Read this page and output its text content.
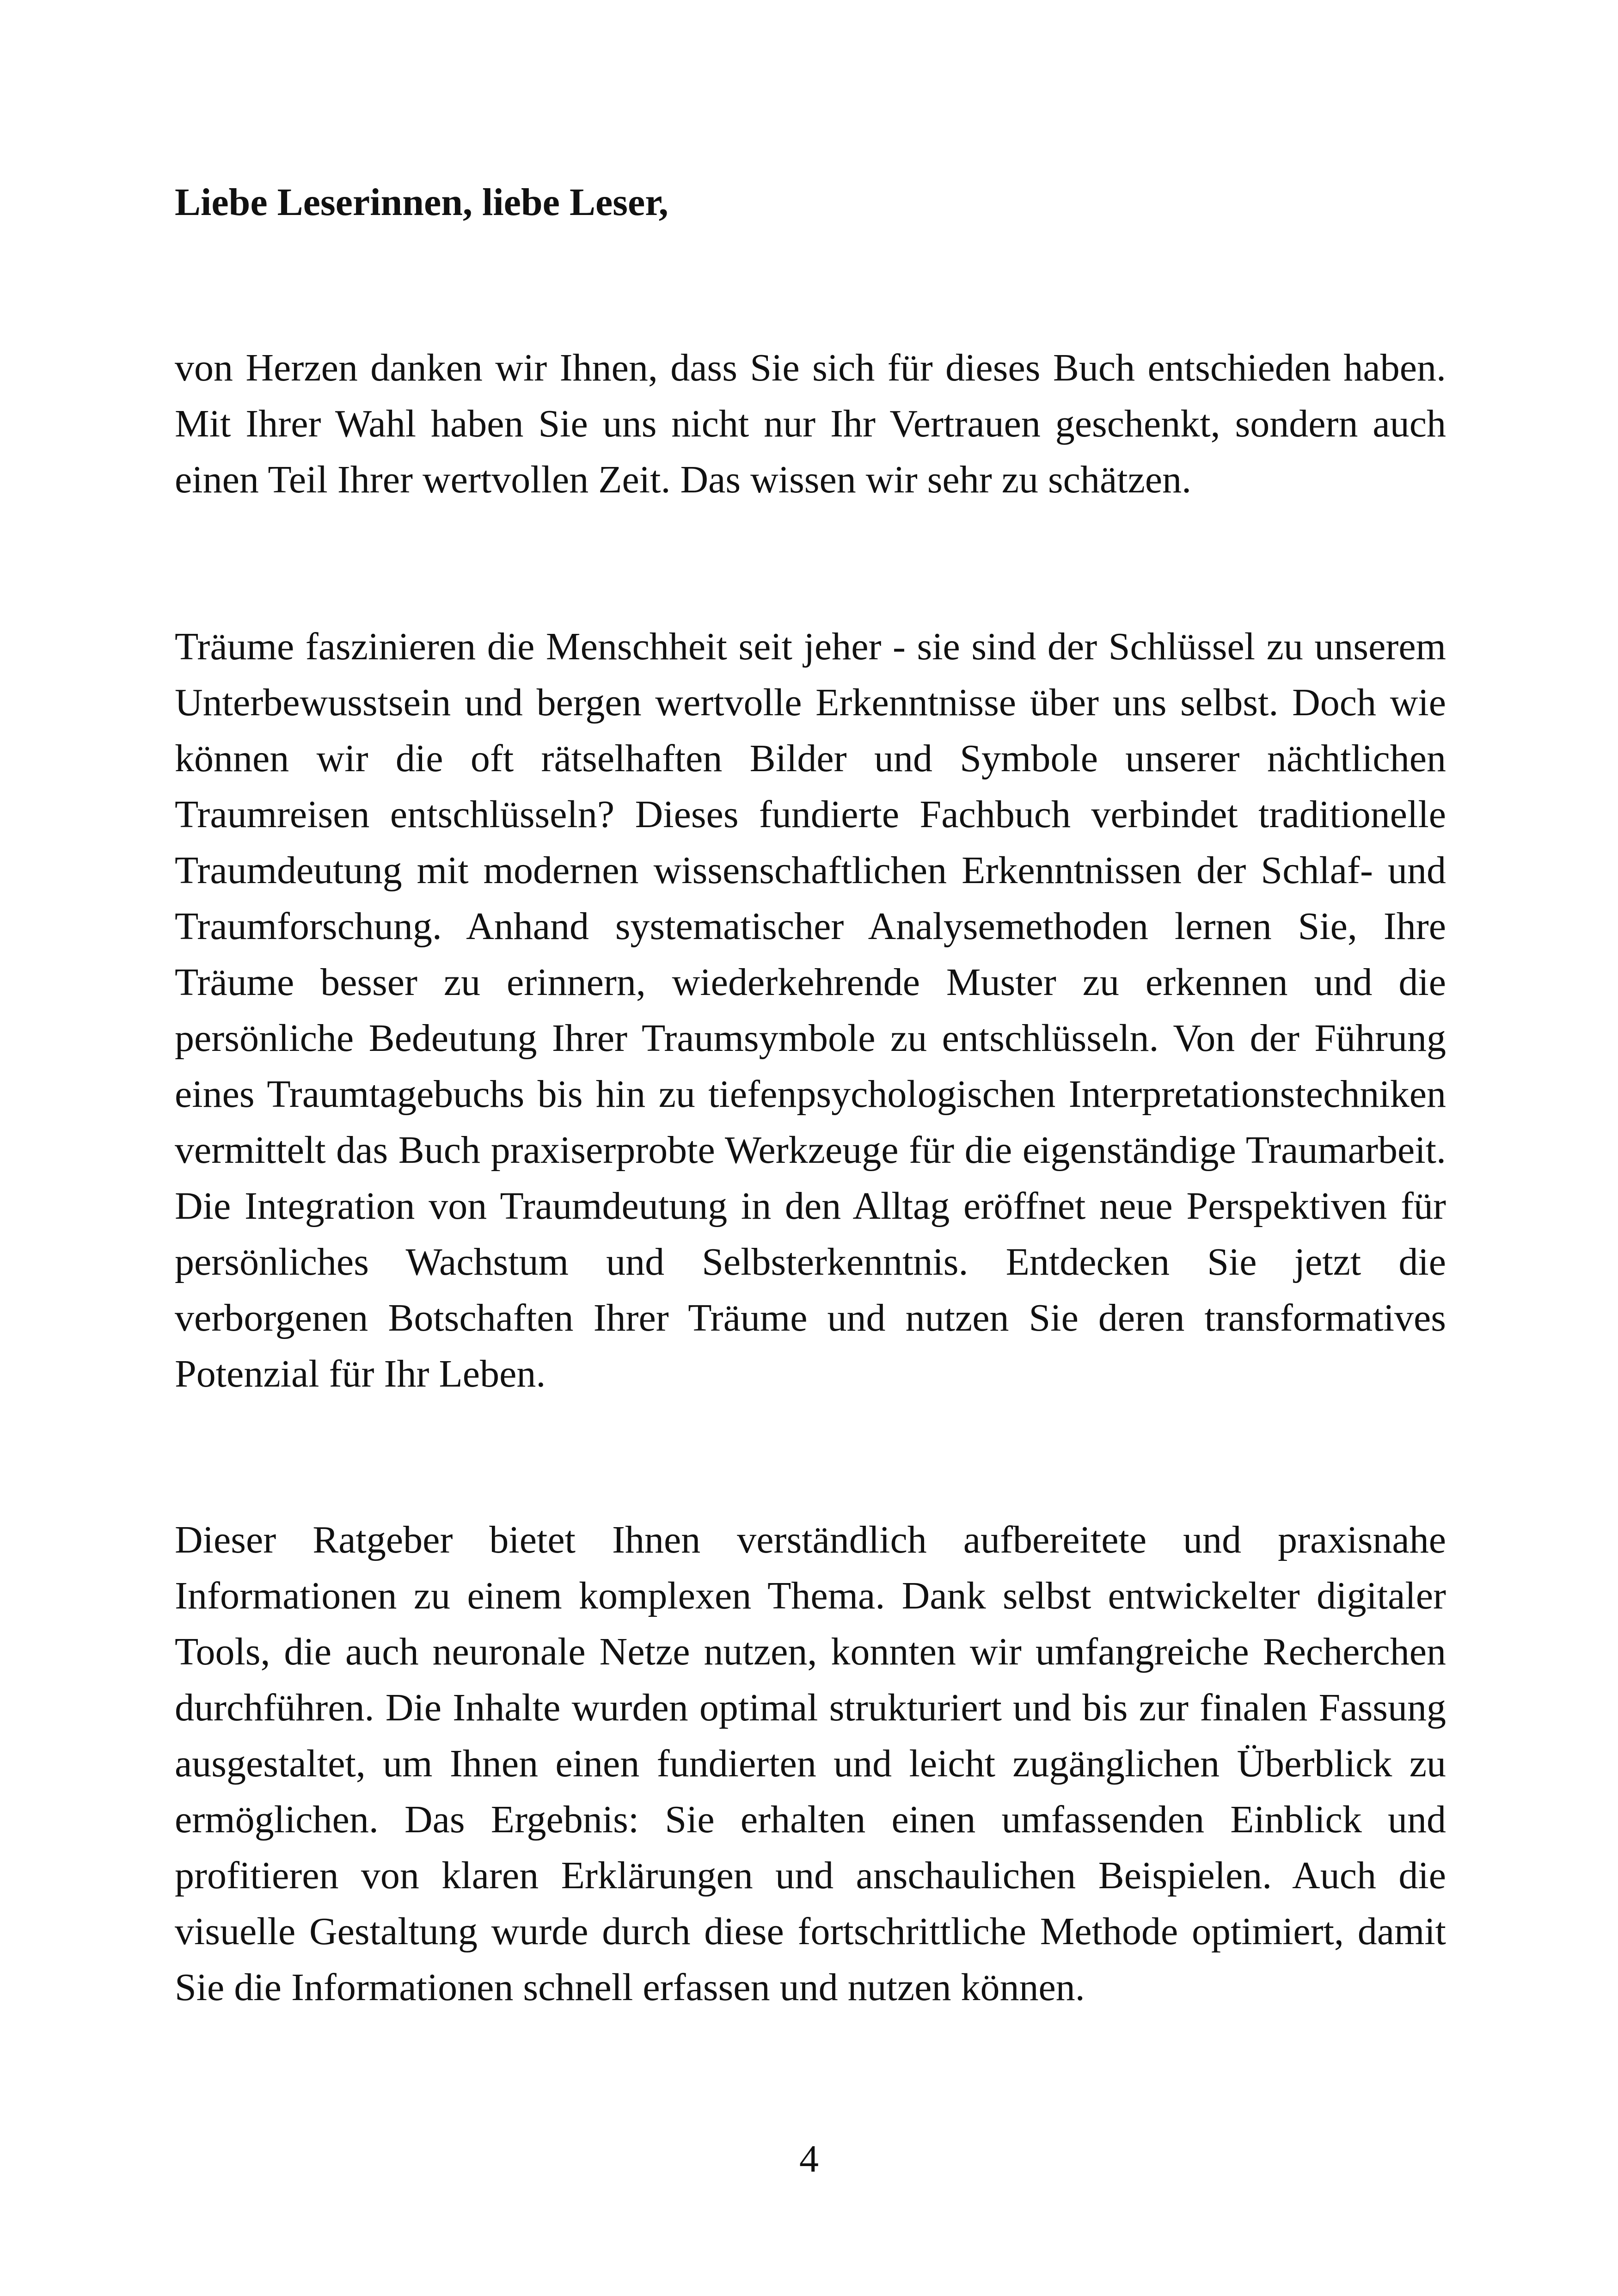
Liebe Leserinnen, liebe Leser,

von Herzen danken wir Ihnen, dass Sie sich für dieses Buch entschieden haben. Mit Ihrer Wahl haben Sie uns nicht nur Ihr Vertrauen geschenkt, sondern auch einen Teil Ihrer wertvollen Zeit. Das wissen wir sehr zu schätzen.

Träume faszinieren die Menschheit seit jeher - sie sind der Schlüssel zu unserem Unterbewusstsein und bergen wertvolle Erkenntnisse über uns selbst. Doch wie können wir die oft rätselhaften Bilder und Symbole unserer nächtlichen Traumreisen entschlüsseln? Dieses fundierte Fachbuch verbindet traditionelle Traumdeutung mit modernen wissenschaftlichen Erkenntnissen der Schlaf- und Traumforschung. Anhand systematischer Analysemethoden lernen Sie, Ihre Träume besser zu erinnern, wiederkehrende Muster zu erkennen und die persönliche Bedeutung Ihrer Traumsymbole zu entschlüsseln. Von der Führung eines Traumtagebuchs bis hin zu tiefenpsychologischen Interpretationstechniken vermittelt das Buch praxiserprobte Werkzeuge für die eigenständige Traumarbeit. Die Integration von Traumdeutung in den Alltag eröffnet neue Perspektiven für persönliches Wachstum und Selbsterkenntnis. Entdecken Sie jetzt die verborgenen Botschaften Ihrer Träume und nutzen Sie deren transformatives Potenzial für Ihr Leben.

Dieser Ratgeber bietet Ihnen verständlich aufbereitete und praxisnahe Informationen zu einem komplexen Thema. Dank selbst entwickelter digitaler Tools, die auch neuronale Netze nutzen, konnten wir umfangreiche Recherchen durchführen. Die Inhalte wurden optimal strukturiert und bis zur finalen Fassung ausgestaltet, um Ihnen einen fundierten und leicht zugänglichen Überblick zu ermöglichen. Das Ergebnis: Sie erhalten einen umfassenden Einblick und profitieren von klaren Erklärungen und anschaulichen Beispielen. Auch die visuelle Gestaltung wurde durch diese fortschrittliche Methode optimiert, damit Sie die Informationen schnell erfassen und nutzen können.

4
